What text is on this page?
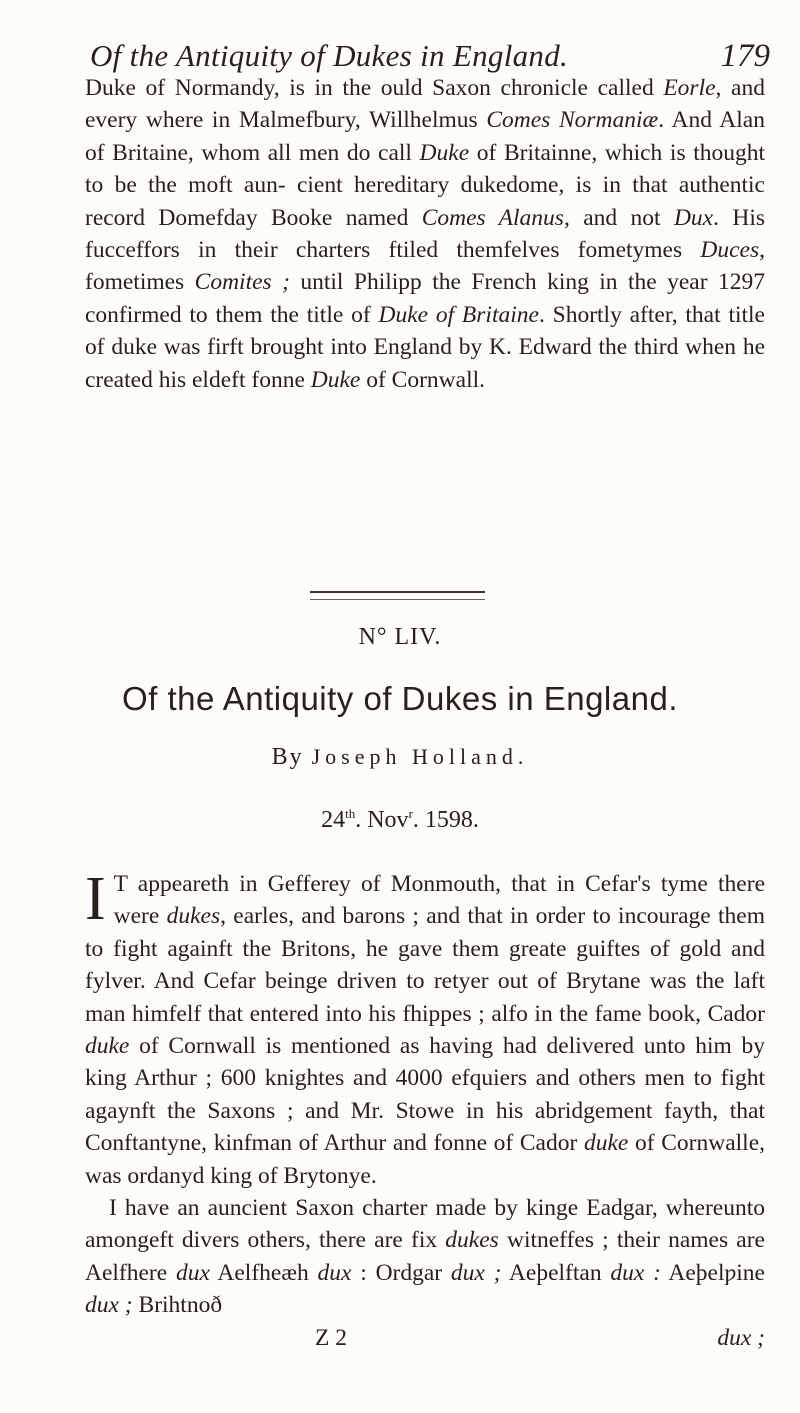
Of the Antiquity of Dukes in England.	179

Duke of Normandy, is in the ould Saxon chronicle called Eorle, and every where in Malmefbury, Willhelmus Comes Normaniæ. And Alan of Britaine, whom all men do call Duke of Britainne, which is thought to be the moft aun- cient hereditary dukedome, is in that authentic record Domefday Booke named Comes Alanus, and not Dux. His fucceffors in their charters ftiled themfelves fometymes Duces, fometimes Comites ; until Philipp the French king in the year 1297 confirmed to them the title of Duke of Britaine. Shortly after, that title of duke was firft brought into England by K. Edward the third when he created his eldeft fonne Duke of Cornwall.

N° LIV.
Of the Antiquity of Dukes in England.
By Joseph Holland.
24th. Nov$^r$. 1598.

I T appeareth in Gefferey of Monmouth, that in Cefar's tyme there were dukes, earles, and barons ; and that in order to incourage them to fight againft the Britons, he gave them greate guiftes of gold and fylver. And Cefar beinge driven to retyer out of Brytane was the laft man himfelf that entered into his fhippes ; alfo in the fame book, Cador duke of Cornwall is mentioned as having had delivered unto him by king Arthur ; 600 knightes and 4000 efquiers and others men to fight agaynft the Saxons ; and Mr. Stowe in his abridgement fayth, that Conftantyne, kinfman of Arthur and fonne of Cador duke of Cornwalle, was ordanyd king of Brytonye.

I have an auncient Saxon charter made by kinge Eadgar, whereunto amongeft divers others, there are fix dukes witneffes ; their names are Aelfhere dux Aelfheæh dux : Ordgar dux ; Aeþelftan dux : Aeþelƿine dux ; Brihtnoð

Z 2	dux ;
